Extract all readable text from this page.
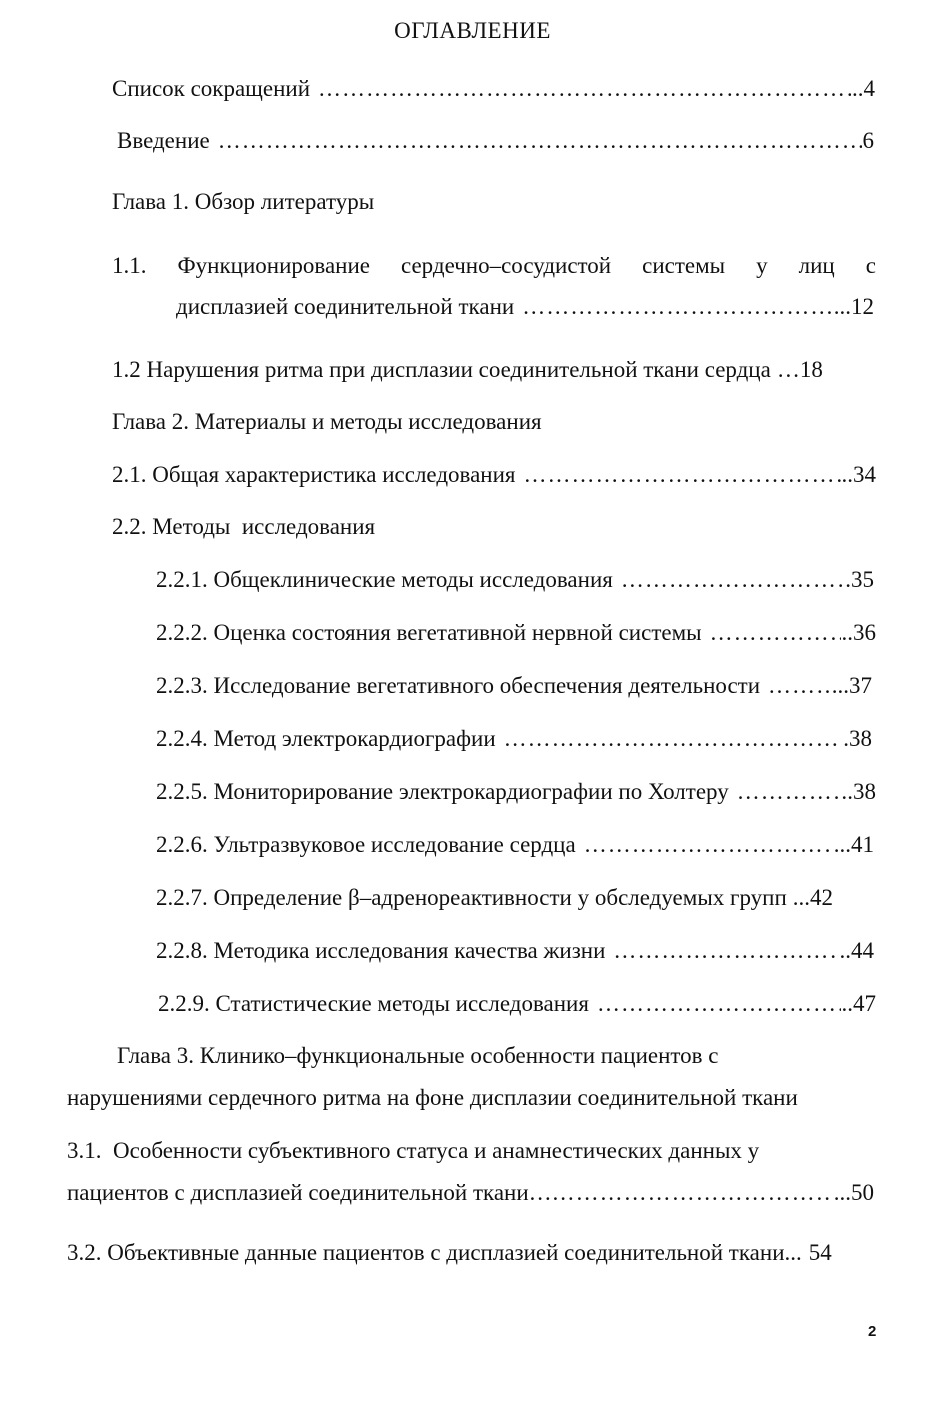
ОГЛАВЛЕНИЕ
Список сокращений ……………………………………………………………………………………………………………………………………………………	..4
Введение ……………………………………………………………………………………………………………………………………………………	6
Глава 1. Обзор литературы
1.1. Функционирование сердечно–сосудистой системы у лиц с
дисплазией соединительной ткани ……………………………………………………………………………………………………………………………………………………	...12
1.2 Нарушения ритма при дисплазии соединительной ткани сердца …18
Глава 2. Материалы и методы исследования
2.1. Общая характеристика исследования ……………………………………………………………………………………………………………………………………………………	..34
2.2. Методы  исследования
2.2.1. Общеклинические методы исследования ……………………………………………………………………………………………………………………………………………………	.35
2.2.2. Оценка состояния вегетативной нервной системы ……………………………………………………………………………………………………………………………………………………	..36
2.2.3. Исследование вегетативного обеспечения деятельности ……………………………………………………………………………………………………………………………………………………	...37
2.2.4. Метод электрокардиографии ……………………………………………………………………………………………………………………………………………………	.38
2.2.5. Мониторирование электрокардиографии по Холтеру ……………………………………………………………………………………………………………………………………………………	.38
2.2.6. Ультразвуковое исследование сердца ……………………………………………………………………………………………………………………………………………………	...41
2.2.7. Определение β–адренореактивности у обследуемых групп ...42
2.2.8. Методика исследования качества жизни ……………………………………………………………………………………………………………………………………………………	..44
2.2.9. Статистические методы исследования ……………………………………………………………………………………………………………………………………………………	..47
Глава 3. Клинико–функциональные особенности пациентов с
нарушениями сердечного ритма на фоне дисплазии соединительной ткани
3.1.  Особенности субъективного статуса и анамнестических данных у
пациентов с дисплазией соединительной ткани… ……………………………………………………………………………………………………………………………………………………	...50
3.2. Объективные данные пациентов с дисплазией соединительной ткани... 54
2
